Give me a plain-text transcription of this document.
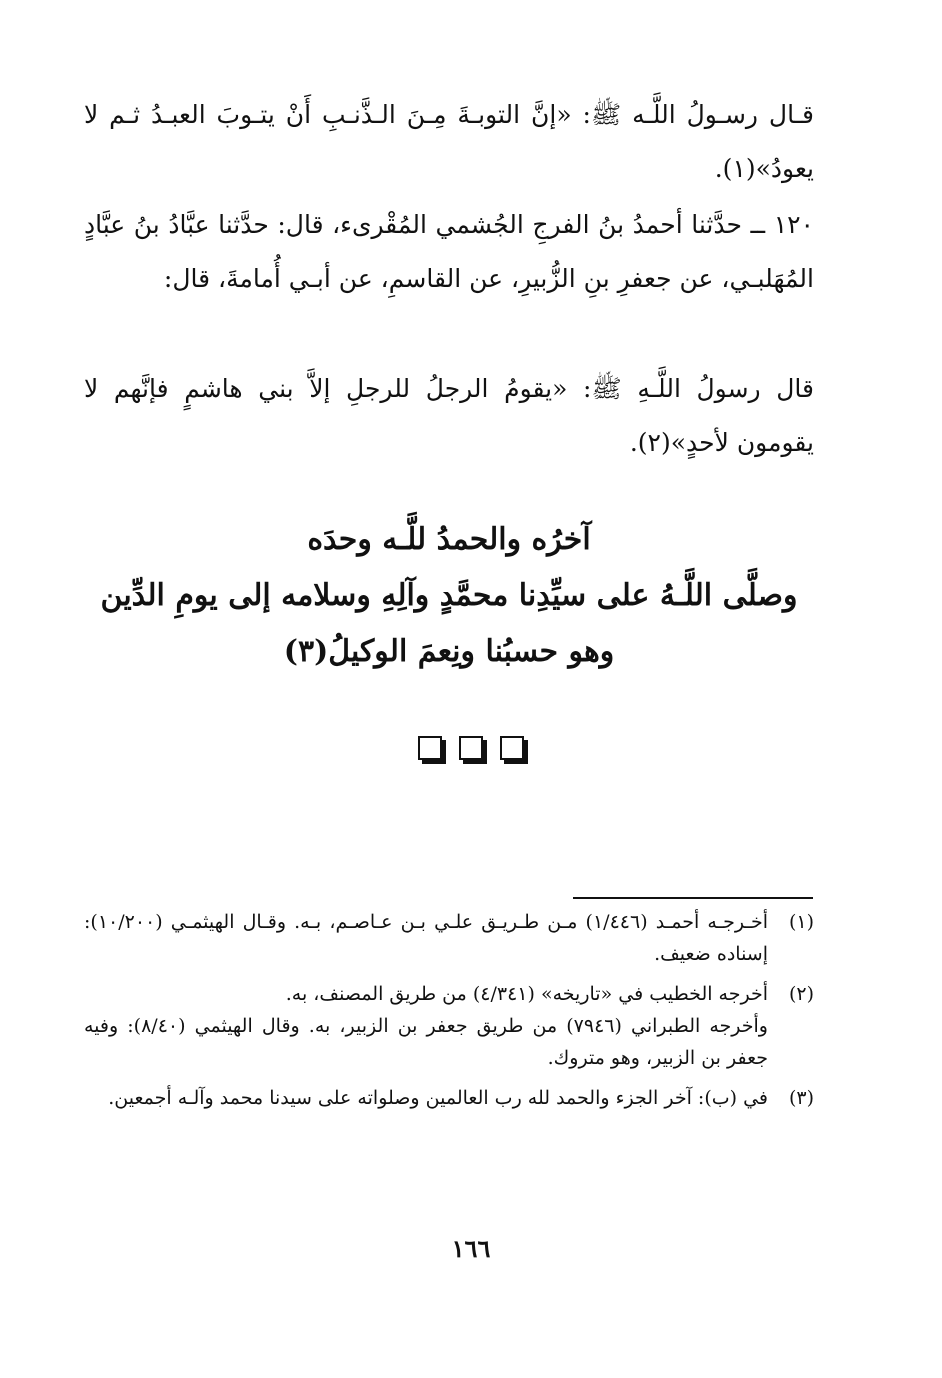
قـال رسـولُ اللَّـه ﷺ: «إنَّ التوبـةَ مِـنَ الـذَّنـبِ أَنْ يتـوبَ العبـدُ ثـم لا يعودُ»(١).
١٢٠ ــ حدَّثنا أحمدُ بنُ الفرجِ الجُشمي المُقْرىء، قال: حدَّثنا عبَّادُ بنُ عبَّادٍ المُهَلبـي، عن جعفرِ بنِ الزُّبيرِ، عن القاسمِ، عن أبـي أُمامةَ، قال:
قال رسولُ اللَّـهِ ﷺ: «يقومُ الرجلُ للرجلِ إلاَّ بني هاشمٍ فإنَّهم لا يقومون لأحدٍ»(٢).
آخرُه والحمدُ للَّـه وحدَه
وصلَّى اللَّـهُ على سيِّدِنا محمَّدٍ وآلِهِ وسلامه إلى يومِ الدِّين
وهو حسبُنا ونِعمَ الوكيلُ(٣)

(١)

أخـرجـه أحمـد (١/٤٤٦) مـن طـريـق علـي بـن عـاصـم، بـه. وقـال الهيثمـي (١٠/٢٠٠): إسناده ضعيف.

(٢)

أخرجه الخطيب في «تاريخه» (٤/٣٤١) من طريق المصنف، به.

وأخرجه الطبراني (٧٩٤٦) من طريق جعفر بن الزبير، به. وقال الهيثمي (٨/٤٠): وفيه جعفر بن الزبير، وهو متروك.

(٣)

في (ب): آخر الجزء والحمد لله رب العالمين وصلواته على سيدنا محمد وآلـه أجمعين.

١٦٦
